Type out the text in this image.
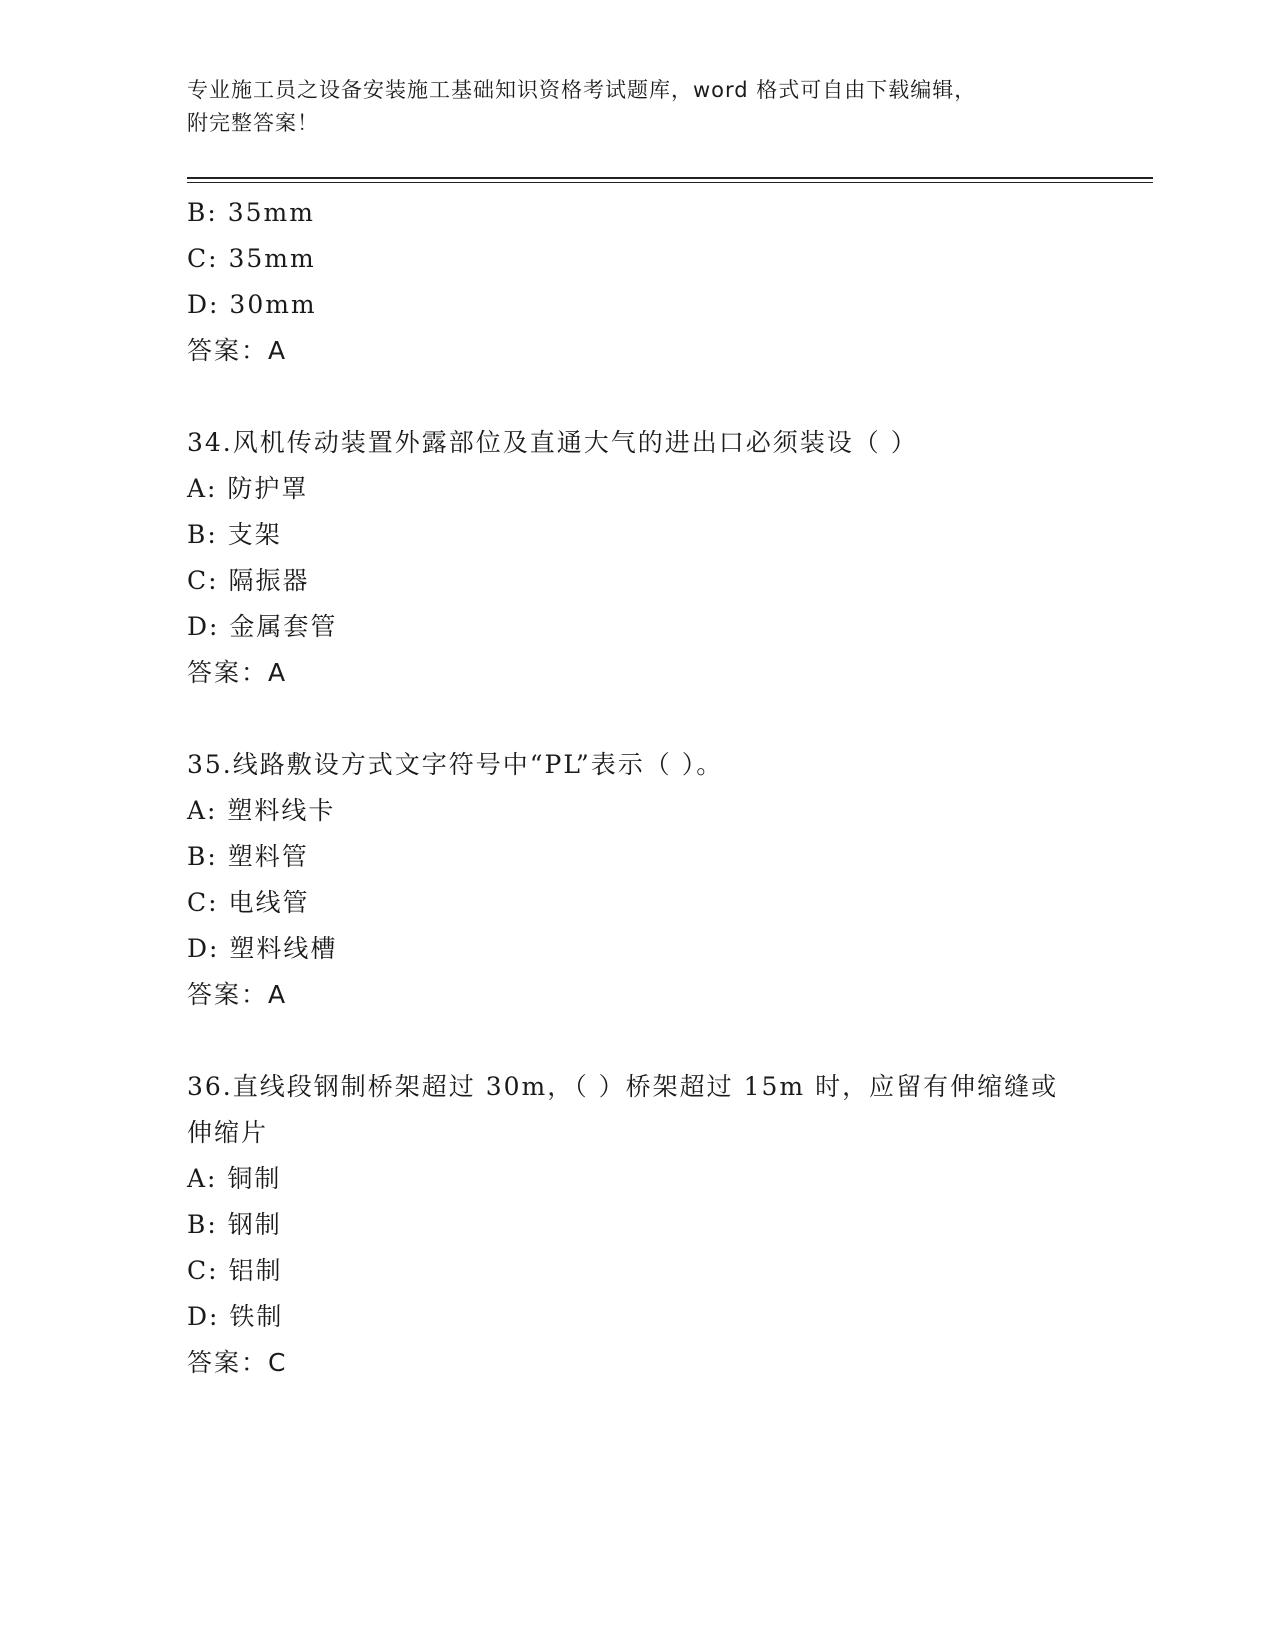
专业施工员之设备安装施工基础知识资格考试题库，word 格式可自由下载编辑，
附完整答案！
B: 35mm
C: 35mm
D: 30mm
答案：A
34.风机传动装置外露部位及直通大气的进出口必须装设（ ）
A: 防护罩
B: 支架
C: 隔振器
D: 金属套管
答案：A
35.线路敷设方式文字符号中“PL”表示（ ）。
A: 塑料线卡
B: 塑料管
C: 电线管
D: 塑料线槽
答案：A
36.直线段钢制桥架超过 30m，（ ）桥架超过 15m 时，应留有伸缩缝或
伸缩片
A: 铜制
B: 钢制
C: 铝制
D: 铁制
答案：C
